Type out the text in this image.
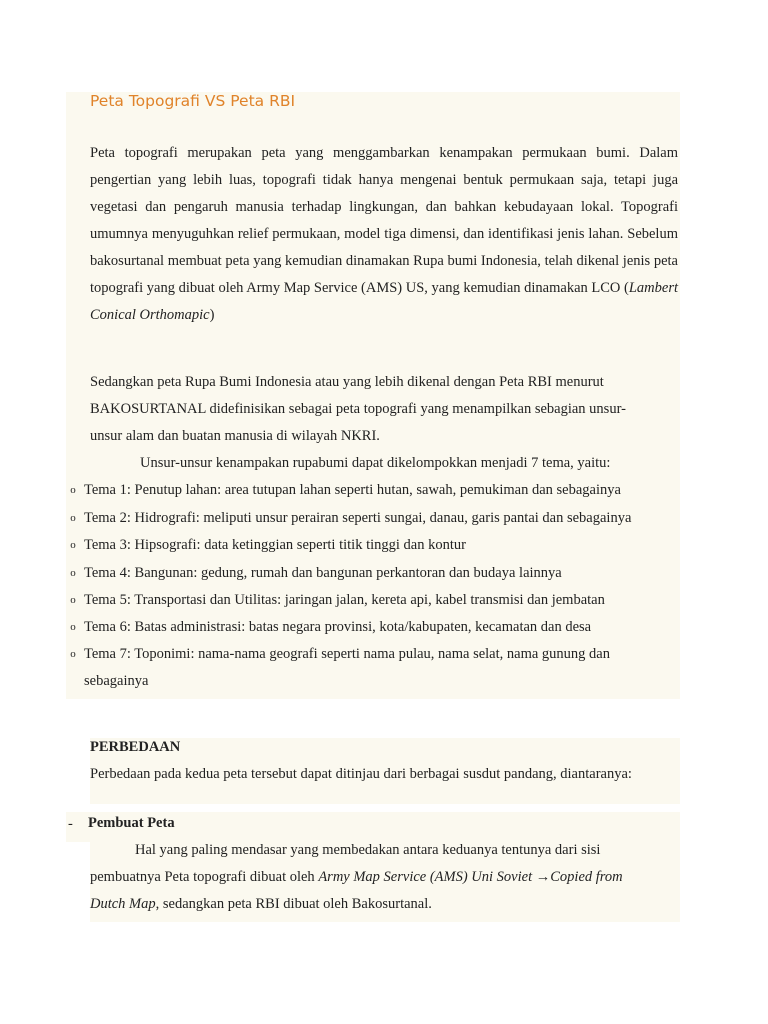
Peta Topografi VS Peta RBI

Peta topografi merupakan peta yang menggambarkan kenampakan permukaan bumi. Dalam pengertian yang lebih luas, topografi tidak hanya mengenai bentuk permukaan saja, tetapi juga vegetasi dan pengaruh manusia terhadap lingkungan, dan bahkan kebudayaan lokal. Topografi umumnya menyuguhkan relief permukaan, model tiga dimensi, dan identifikasi jenis lahan. Sebelum bakosurtanal membuat peta yang kemudian dinamakan Rupa bumi Indonesia, telah dikenal jenis peta topografi yang dibuat oleh Army Map Service (AMS) US, yang kemudian dinamakan LCO (Lambert Conical Orthomapic)

Sedangkan peta Rupa Bumi Indonesia atau yang lebih dikenal dengan Peta RBI menurut BAKOSURTANAL didefinisikan sebagai peta topografi yang menampilkan sebagian unsur-unsur alam dan buatan manusia di wilayah NKRI.

Unsur-unsur kenampakan rupabumi dapat dikelompokkan menjadi 7 tema, yaitu:

o Tema 1: Penutup lahan: area tutupan lahan seperti hutan, sawah, pemukiman dan sebagainya
o Tema 2: Hidrografi: meliputi unsur perairan seperti sungai, danau, garis pantai dan sebagainya
o Tema 3: Hipsografi: data ketinggian seperti titik tinggi dan kontur
o Tema 4: Bangunan: gedung, rumah dan bangunan perkantoran dan budaya lainnya
o Tema 5: Transportasi dan Utilitas: jaringan jalan, kereta api, kabel transmisi dan jembatan
o Tema 6: Batas administrasi: batas negara provinsi, kota/kabupaten, kecamatan dan desa
o Tema 7: Toponimi: nama-nama geografi seperti nama pulau, nama selat, nama gunung dan sebagainya

PERBEDAAN

Perbedaan pada kedua peta tersebut dapat ditinjau dari berbagai susdut pandang, diantaranya:

- Pembuat Peta

Hal yang paling mendasar yang membedakan antara keduanya tentunya dari sisi pembuatnya Peta topografi dibuat oleh Army Map Service (AMS) Uni Soviet →Copied from Dutch Map, sedangkan peta RBI dibuat oleh Bakosurtanal.
